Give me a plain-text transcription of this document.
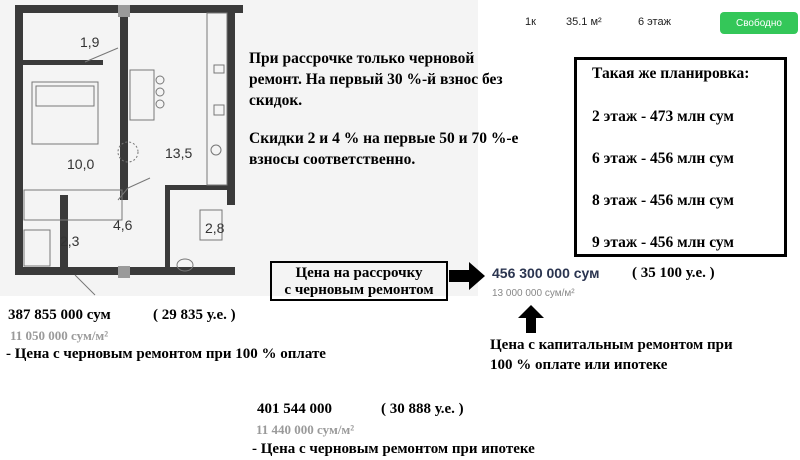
1,9
10,0
13,5
4,6
2,3
2,8
1к	35.1 м²	6 этаж	Свободно

При рассрочке только черновой ремонт. На первый 30 %-й взнос без скидок.

Скидки 2 и 4 % на первые 50 и 70 %-е взносы соответственно.

Такая же планировка:
2 этаж - 473 млн сум
6 этаж - 456 млн сум
8 этаж - 456 млн сум
9 этаж - 456 млн сум
Цена на рассрочку
с черновым ремонтом
456 300 000 сум ( 35 100 у.е. )
13 000 000 сум/м²
Цена с капитальным ремонтом при
100 % оплате или ипотеке
387 855 000 сум	( 29 835 у.е. )
11 050 000 сум/м²
- Цена с черновым ремонтом при 100 % оплате
401 544 000	( 30 888 у.е. )
11 440 000 сум/м²
- Цена с черновым ремонтом при ипотеке
